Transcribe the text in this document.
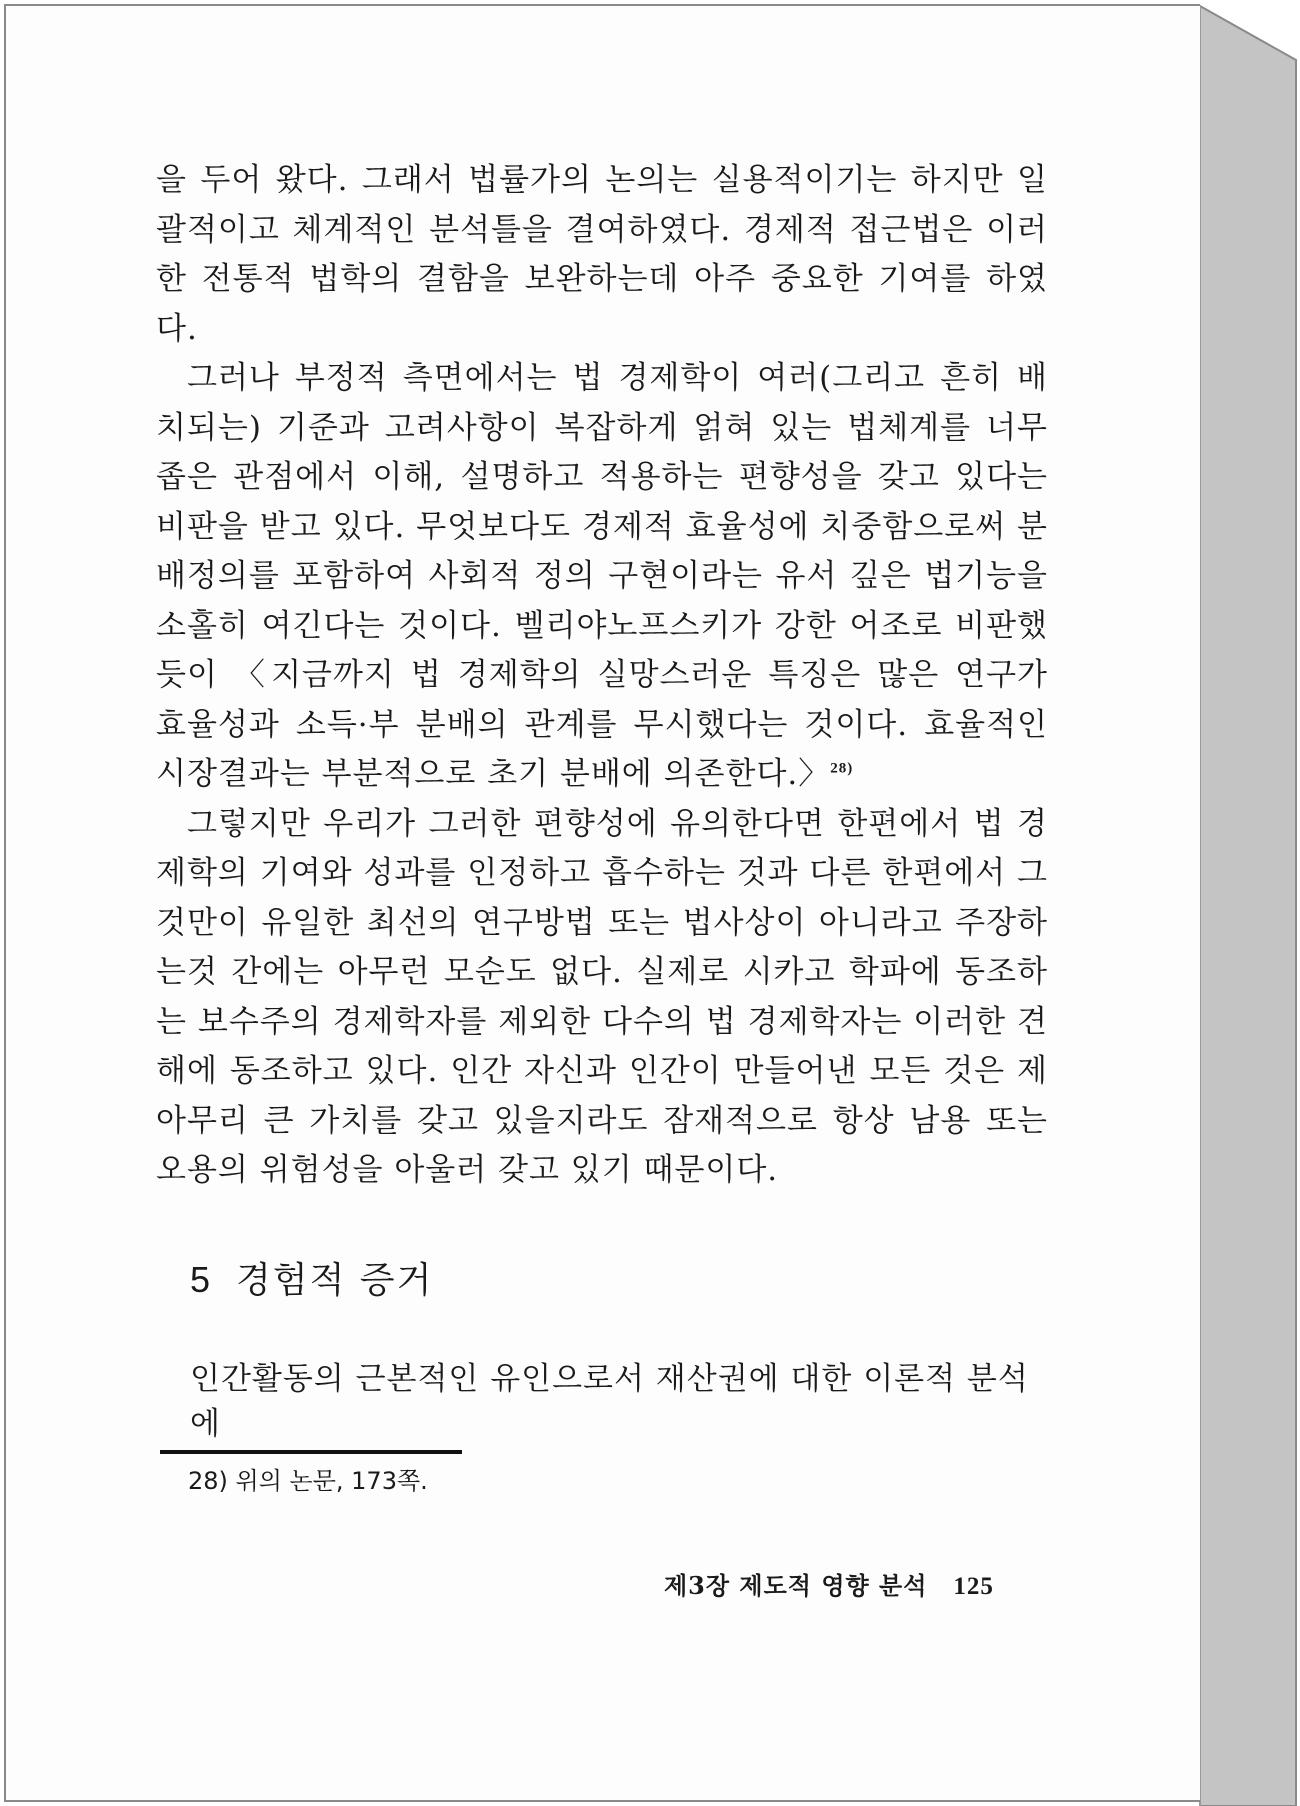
을 두어 왔다. 그래서 법률가의 논의는 실용적이기는 하지만 일괄적이고 체계적인 분석틀을 결여하였다. 경제적 접근법은 이러한 전통적 법학의 결함을 보완하는데 아주 중요한 기여를 하였다.

그러나 부정적 측면에서는 법 경제학이 여러(그리고 흔히 배치되는) 기준과 고려사항이 복잡하게 얽혀 있는 법체계를 너무 좁은 관점에서 이해, 설명하고 적용하는 편향성을 갖고 있다는 비판을 받고 있다. 무엇보다도 경제적 효율성에 치중함으로써 분배정의를 포함하여 사회적 정의 구현이라는 유서 깊은 법기능을 소홀히 여긴다는 것이다. 벨리야노프스키가 강한 어조로 비판했듯이 〈지금까지 법 경제학의 실망스러운 특징은 많은 연구가 효율성과 소득·부 분배의 관계를 무시했다는 것이다. 효율적인 시장결과는 부분적으로 초기 분배에 의존한다.〉$^{28)}$

그렇지만 우리가 그러한 편향성에 유의한다면 한편에서 법 경제학의 기여와 성과를 인정하고 흡수하는 것과 다른 한편에서 그것만이 유일한 최선의 연구방법 또는 법사상이 아니라고 주장하는것 간에는 아무런 모순도 없다. 실제로 시카고 학파에 동조하는 보수주의 경제학자를 제외한 다수의 법 경제학자는 이러한 견해에 동조하고 있다. 인간 자신과 인간이 만들어낸 모든 것은 제아무리 큰 가치를 갖고 있을지라도 잠재적으로 항상 남용 또는 오용의 위험성을 아울러 갖고 있기 때문이다.

5 경험적 증거
인간활동의 근본적인 유인으로서 재산권에 대한 이론적 분석에
28) 위의 논문, 173쪽.
제3장 제도적 영향 분석 125
